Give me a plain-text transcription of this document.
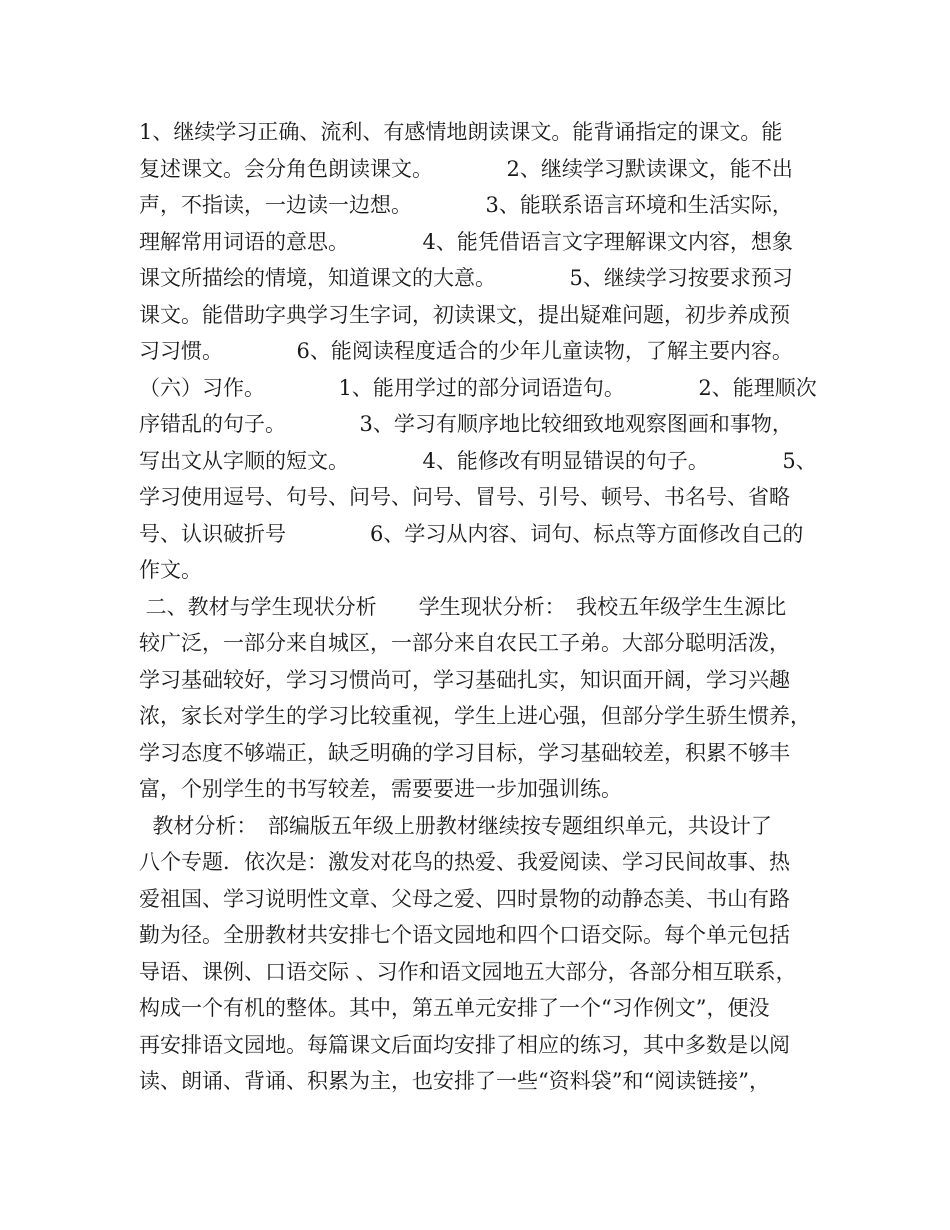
1、继续学习正确、流利、有感情地朗读课文。能背诵指定的课文。能
复述课文。会分角色朗读课文。　　　　2、继续学习默读课文，能不出
声，不指读，一边读一边想。　　　　3、能联系语言环境和生活实际，
理解常用词语的意思。　　　　4、能凭借语言文字理解课文内容，想象
课文所描绘的情境，知道课文的大意。　　　　5、继续学习按要求预习
课文。能借助字典学习生字词，初读课文，提出疑难问题，初步养成预
习习惯。　　　　6、能阅读程度适合的少年儿童读物，了解主要内容。
（六）习作。　　　　1、能用学过的部分词语造句。　　　　2、能理顺次
序错乱的句子。　　　　3、学习有顺序地比较细致地观察图画和事物，
写出文从字顺的短文。　　　　4、能修改有明显错误的句子。　　　　5、
学习使用逗号、句号、问号、问号、冒号、引号、顿号、书名号、省略
号、认识破折号　　　　6、学习从内容、词句、标点等方面修改自己的
作文。
二、教材与学生现状分析　　学生现状分析：　我校五年级学生生源比
较广泛，一部分来自城区，一部分来自农民工子弟。大部分聪明活泼，
学习基础较好，学习习惯尚可，学习基础扎实，知识面开阔，学习兴趣
浓，家长对学生的学习比较重视，学生上进心强，但部分学生骄生惯养，
学习态度不够端正，缺乏明确的学习目标，学习基础较差，积累不够丰
富，个别学生的书写较差，需要要进一步加强训练。
教材分析：　部编版五年级上册教材继续按专题组织单元，共设计了
八个专题．依次是：激发对花鸟的热爱、我爱阅读、学习民间故事、热
爱祖国、学习说明性文章、父母之爱、四时景物的动静态美、书山有路
勤为径。全册教材共安排七个语文园地和四个口语交际。每个单元包括
导语、课例、口语交际 、习作和语文园地五大部分，各部分相互联系，
构成一个有机的整体。其中，第五单元安排了一个“习作例文”，便没
再安排语文园地。每篇课文后面均安排了相应的练习，其中多数是以阅
读、朗诵、背诵、积累为主，也安排了一些“资料袋”和“阅读链接”，
